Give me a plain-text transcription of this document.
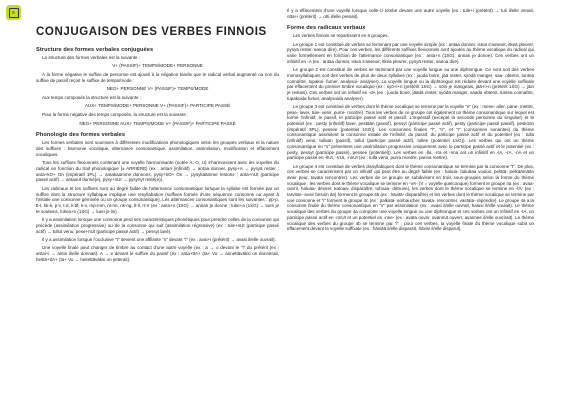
≡
CONJUGAISON DES VERBES FINNOIS
Structure des formes verbales conjuguées

La structure des formes verbales est la suivante :

V+ (PASSIF)+ TEMPS/MODE+ PERSONNE

À la forme négative le suffixe de personne est ajouté à la négation tandis que le radical verbal augmenté ou non du suffixe de passif reçoit le suffixe de temps/mode :

NEG+ PERSONNE V+ (PASSIF)+ TEMPS/MODE

Aux temps composés la structure est la suivante :

AUX+ TEMPS/MODE+ PERSONNE V+ (PASSIF)+ PARTICIPE PASSÉ

Pour la forme négative des temps composés, la structure est la suivante :

NEG+ PERSONNE AUX+ TEMPS/MODE V+ (PASSIF)+ PARTICIPE PASSÉ

Phonologie des formes verbales

Les formes verbales sont soumises à différentes modifications phonologiques selon les groupes verbaux et la nature des suffixes : harmonie vocalique, alternance consonantique, assimilation, assimilation, modification et effacement vocaliques.

Tous les suffixes flexionnels contenant une voyelle harmonisante (notée A, O, U) s'harmonisent avec les voyelles du radical en fonction du trait phonologique [± ARRIÈRE] (ex : antaA (infinitif) → antaa donner, pysy+A → pysyä rester ; anta+kO+ On (impératif 1PL) → antakaamme donnons, pysy+kO+ On → pysykäämme restons ; anta+nUt (participe passé actif) → antanut donné(e), pysy+nUt → pysynyt resté(e)).

Les radicaux et les suffixes sont au degré faible de l'alternance consonantique lorsque la syllabe est fermée par un suffixe dont la structure syllabique implique une resyllabation (suffixes formés d'une séquence consonne ou ayant à l'initiale une consonne géminée ou un groupe consonantique). Les alternances consonantiques sont les suivantes : pp-p, tt-t, kk-k, p-v, t-d, k-Ø, k-v, mp-mm, nt-nn, nk-ng, lt-ll, rt-rr (ex : anta+n (1SG) → annan je donne ; tuke+a (1SG) → tuen je te soutiens, lukea+n (1SG) → luen je lis).

Il y a assimilation lorsque une consonne perd ses caractéristiques phonétiques pour prendre celles de la consonne qui précède (assimilation progressive) ou de la consonne qui suit (assimilation régressive) (ex : tule+nUt (participe passé actif) → tullut venu, pese+nUt (participe passé actif) → pessyt lavé).

Il y a assimilation lorsque l'occlusive "t" devient une affilante "s" devant "i" (ex : avai+i (prétérit) → avasi il/elle ouvrait).

Une voyelle finale peut changer de timbre au contact d'une autre voyelle (ex : a → o devant le "i" du prétérit (ex : antai+i → antoi il/elle donnait). A → e devant le suffixe du passif (ex : anta+ttA+ (ta+ Vo → annettäväksi on donnerait, heittä+ttA+ (ta+ Vo → heitettäväksi on jetterait).

Il y a effacement d'une voyelle lorsque celle-ci tombe devant une autre voyelle (ex : tule+i (prétérit) → tuli il/elle venait, otta+i (prétérit) → otti il/elle prenait).

Forme des radicaux verbaux

Les verbes finnois se répartissent en 6 groupes.

Le groupe 1 est constitué de verbes se terminant par une voyelle simple (ex : antaa donner, istua s'asseoir, itkeä pleurer, pysyä rester, sanoa dire). Pour ces verbes, les différents suffixes flexionnels sont ajoutés au thème vocalique du radical qui varie formellement en fonction de l'alternance consonantique (ex : anta+n (1SG), annan je donne). Ces verbes ont un infinitif en -A (ex : antaa donner, istua s'asseoir, itkeä pleurer, pysyä rester, sanoa dire).

Le groupe 2 est constitué de verbes se terminant par une voyelle longue ou une diphtongue. Ce sont soit des verbes monosyllabiques soit des verbes de plus de deux syllabes (ex : juoda boire, jää rester, syödä manger, saa- obtenir, tuntea connaître, tupakoi- fumer, analysoi- analyser). La voyelle longue ou la diphtongue est réduite devant une voyelle suffixale par effacement du premier timbre vocalique (ex : syö+i+n (prétérit 1SG) → söin je mangeais, jää+i+n (prétérit 1SG) → jäin je restais). Ces verbes ont un infinitif en -dA (ex : juoda boire, jäädä rester, syödä manger, saada obtenir, tuntea connaître, tupakoida fumer, analysoida analyser).

Le groupe 3 est constitué de verbes dont le thème vocalique se termine par la voyelle "e" (ex : mene- aller, pane- mettre, pese- laver, tule- venir, purre- mordre). Tous les verbes de ce groupe ont également un thème consonantique sur lequel est formé l'infinitif, le passif, le participe passé actif et passif. L'impératif (excepté la seconde personne du singulier) et le potentiel (ex : pesty (infinitif) laver, pestään (passif), pessyt (participe passé actif), pesty (participe passé passif), pesköön (impératif 3PL), pessee (potentiel 1SG)). Les consonnes finales "l", "n", et "r" (consonnes sonantes) du thème consonantique assimilent la consonne initiale de l'infinitif, du passif, du participe passé actif et du potentiel (ex : tulla (infinitif) venir, tullaan (passif), tullut (participe passé actif), tullee (potentiel 1SG)). Les verbes qui ont un thème consonantique en "s" présentent une assimilation progressive uniquement avec le participe passé actif et le potentiel (ex : pesty, pessyt (participe passé), pessee (potentiel)). Les verbes en -lla, -rra et -nna ont un infinitif en -lA, -rA, -nA et un participe passé en -llUt, -rrUt, -nnUt (ex : tulla venir, purra mordre, panna mettre).

Le groupe 4 est constitué de verbes dissyllabiques dont le thème consonantique se termine par la consonne "t". De plus, ces verbes se caractérisent par un infinitif qui peut être au degré faible (ex : haluta- haluttaa vouloir, pelätä- pelkäämään avoir peur, tavata rencontrer). Les verbes de ce groupe se subdivisent en trois sous-groupes selon la forme du thème vocalique : les verbes dont le thème vocalique se termine en -VA- (V = voyelle quelconque) forment le groupe 4a (ex : avaa- ouvrir, haluaa- désirer, katoaa- disparaître, tuhoaa- détruire), les verbes dont le thème vocalique se termine en -tA- (ex : tarvitse- avoir besoin de) forment le groupe 4b (ex : hävitä- disparaître) et les verbes dont le thème vocalique se termine par une consonne et "i" forment le groupe 4c (ex : palkata- embaucher, tavata- rencontrer, vastata- répondre). Le groupe 4a a la consonne finale du thème consonantique en "s" par assimilation (ex : avasi il/elle ouvrait, halusi il/elle voulait). Le thème vocalique des verbes du groupe 4a comporte une voyelle longue ou une diphtongue et ces verbes ont un infinitif en -tA, un participe passé actif en -nnUt et un potentiel en -nne- (ex : avata ouvrir, avannut ouvert, avannee il/elle ouvrirait). Le thème vocalique des verbes du groupe 4b se termine par "i" ; pour ces verbes, la voyelle finale du thème vocalique subit un effacement devant la voyelle suffixale (ex : häviää il/elle disparaît, hävisi il/elle disparut).
